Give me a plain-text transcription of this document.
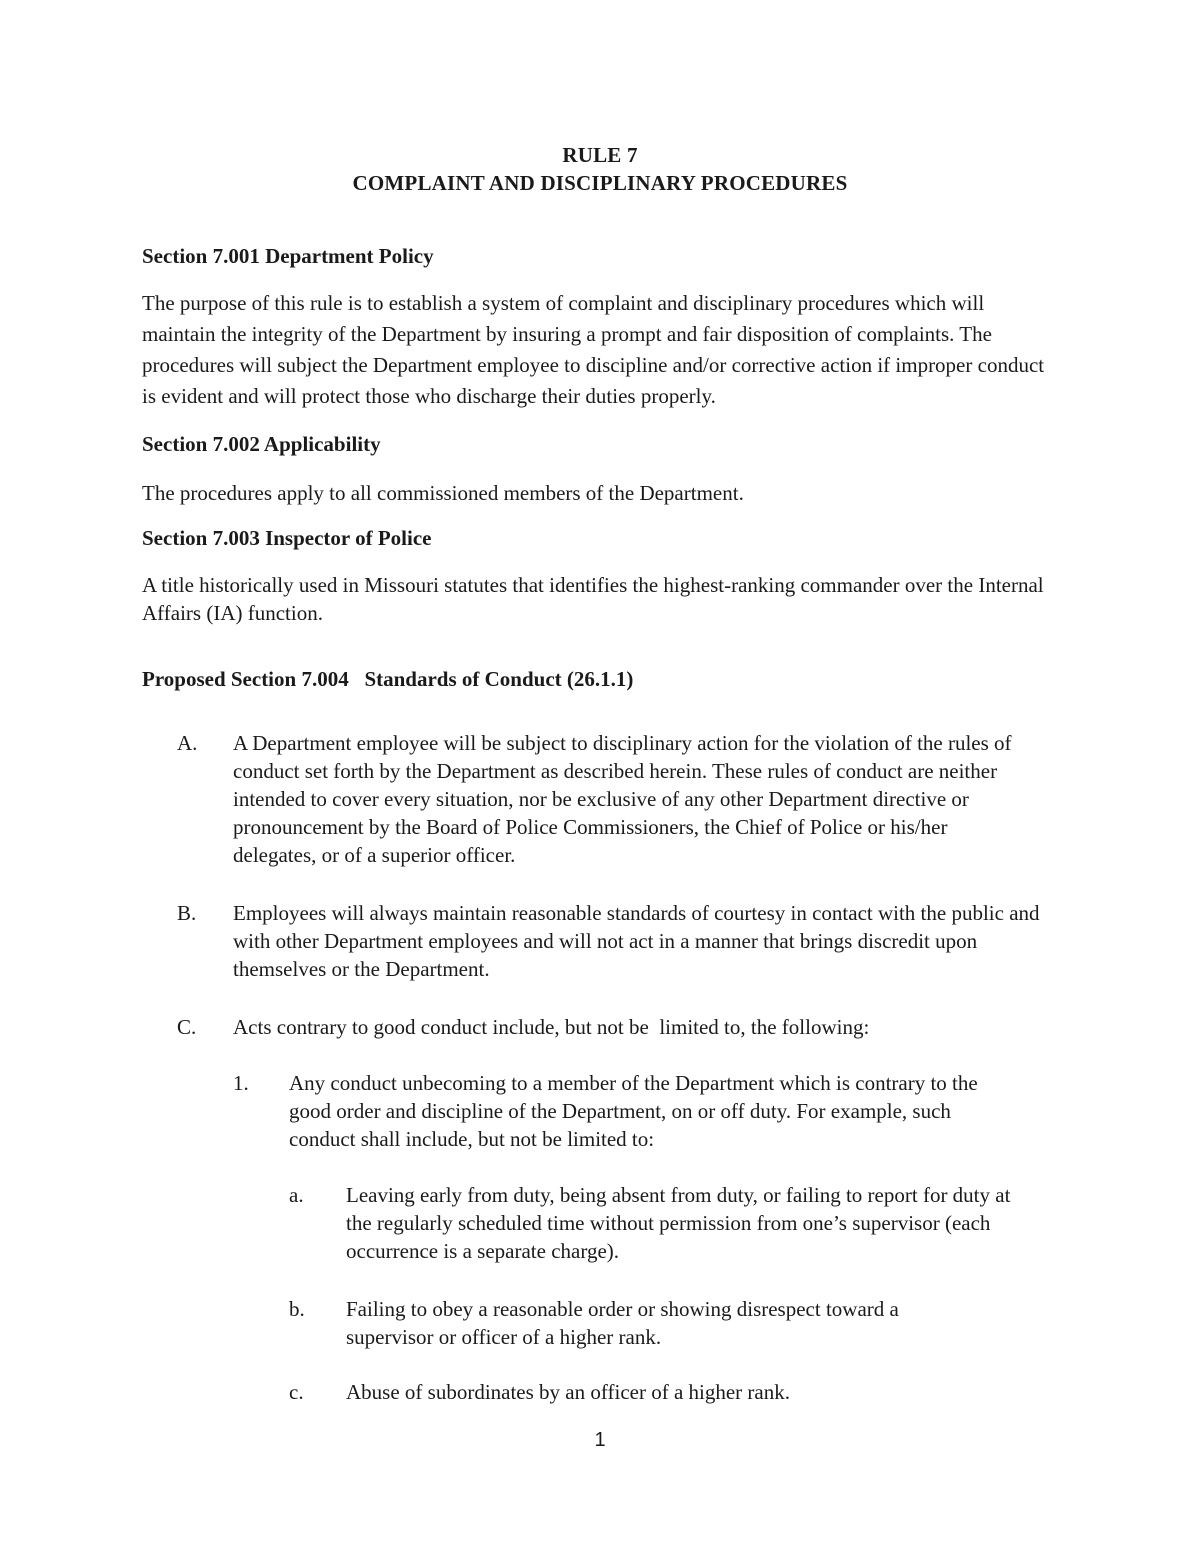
RULE 7
COMPLAINT AND DISCIPLINARY PROCEDURES
Section 7.001 Department Policy
The purpose of this rule is to establish a system of complaint and disciplinary procedures which will maintain the integrity of the Department by insuring a prompt and fair disposition of complaints. The procedures will subject the Department employee to discipline and/or corrective action if improper conduct is evident and will protect those who discharge their duties properly.
Section 7.002 Applicability
The procedures apply to all commissioned members of the Department.
Section 7.003 Inspector of Police
A title historically used in Missouri statutes that identifies the highest-ranking commander over the Internal Affairs (IA) function.
Proposed Section 7.004   Standards of Conduct (26.1.1)
A. A Department employee will be subject to disciplinary action for the violation of the rules of conduct set forth by the Department as described herein. These rules of conduct are neither intended to cover every situation, nor be exclusive of any other Department directive or pronouncement by the Board of Police Commissioners, the Chief of Police or his/her delegates, or of a superior officer.
B. Employees will always maintain reasonable standards of courtesy in contact with the public and with other Department employees and will not act in a manner that brings discredit upon themselves or the Department.
C. Acts contrary to good conduct include, but not be  limited to, the following:
1. Any conduct unbecoming to a member of the Department which is contrary to the good order and discipline of the Department, on or off duty. For example, such conduct shall include, but not be limited to:
a. Leaving early from duty, being absent from duty, or failing to report for duty at the regularly scheduled time without permission from one’s supervisor (each occurrence is a separate charge).
b. Failing to obey a reasonable order or showing disrespect toward a supervisor or officer of a higher rank.
c. Abuse of subordinates by an officer of a higher rank.
1
